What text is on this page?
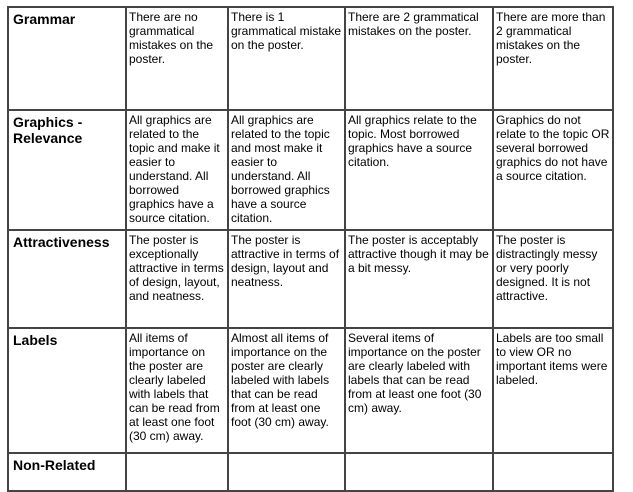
Grammar	There are no grammatical mistakes on the poster.	There is 1 grammatical mistake on the poster.	There are 2 grammatical mistakes on the poster.	There are more than 2 grammatical mistakes on the poster.
Graphics - Relevance	All graphics are related to the topic and make it easier to understand. All borrowed graphics have a source citation.	All graphics are related to the topic and most make it easier to understand. All borrowed graphics have a source citation.	All graphics relate to the topic. Most borrowed graphics have a source citation.	Graphics do not relate to the topic OR several borrowed graphics do not have a source citation.
Attractiveness	The poster is exceptionally attractive in terms of design, layout, and neatness.	The poster is attractive in terms of design, layout and neatness.	The poster is acceptably attractive though it may be a bit messy.	The poster is distractingly messy or very poorly designed. It is not attractive.
Labels	All items of importance on the poster are clearly labeled with labels that can be read from at least one foot (30 cm) away.	Almost all items of importance on the poster are clearly labeled with labels that can be read from at least one foot (30 cm) away.	Several items of importance on the poster are clearly labeled with labels that can be read from at least one foot (30 cm) away.	Labels are too small to view OR no important items were labeled.
Non-Related				
